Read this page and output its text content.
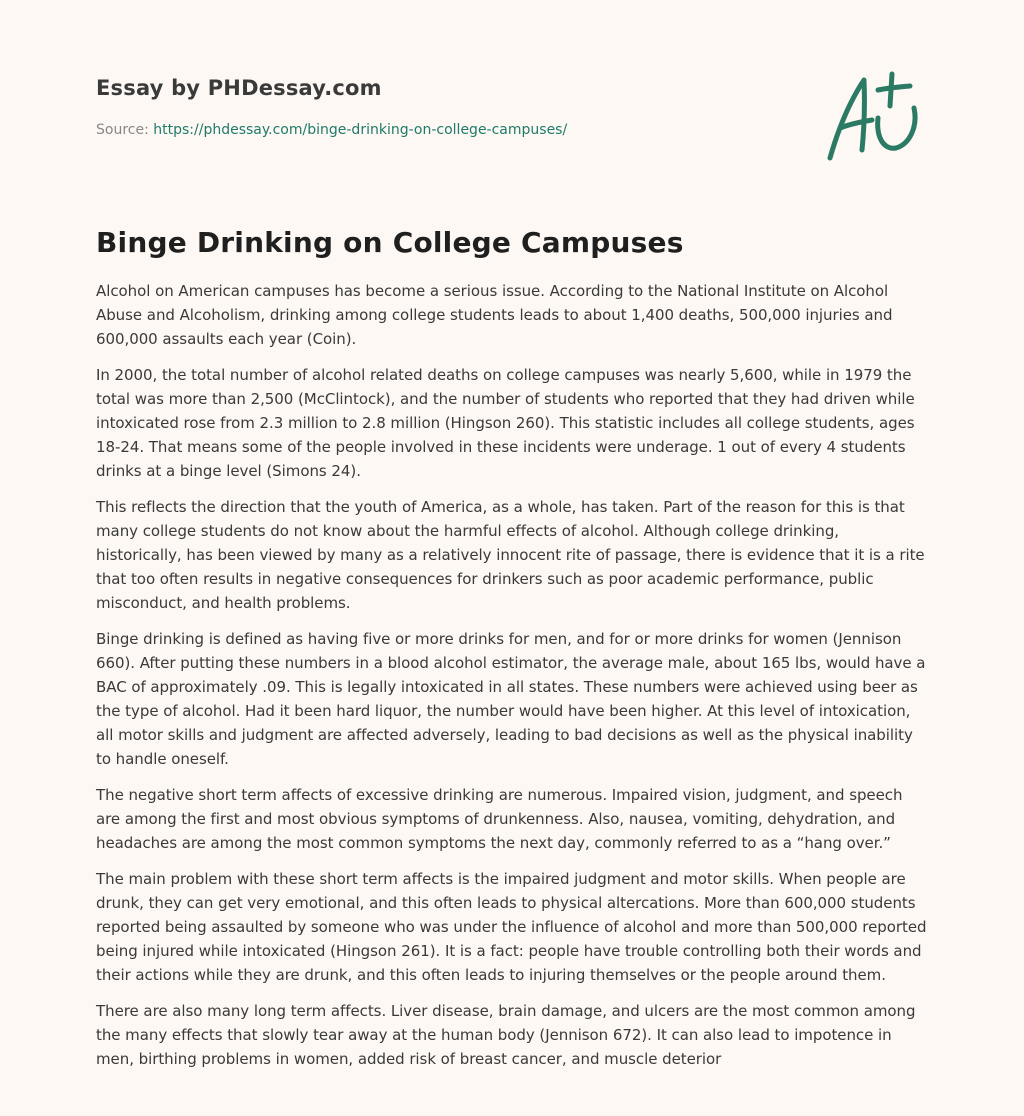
Essay by PHDessay.com
Source: https://phdessay.com/binge-drinking-on-college-campuses/
Binge Drinking on College Campuses

Alcohol on American campuses has become a serious issue. According to the National Institute on Alcohol Abuse and Alcoholism, drinking among college students leads to about 1,400 deaths, 500,000 injuries and 600,000 assaults each year (Coin).

In 2000, the total number of alcohol related deaths on college campuses was nearly 5,600, while in 1979 the total was more than 2,500 (McClintock), and the number of students who reported that they had driven while intoxicated rose from 2.3 million to 2.8 million (Hingson 260). This statistic includes all college students, ages 18-24. That means some of the people involved in these incidents were underage. 1 out of every 4 students drinks at a binge level (Simons 24).

This reflects the direction that the youth of America, as a whole, has taken. Part of the reason for this is that many college students do not know about the harmful effects of alcohol. Although college drinking, historically, has been viewed by many as a relatively innocent rite of passage, there is evidence that it is a rite that too often results in negative consequences for drinkers such as poor academic performance, public misconduct, and health problems.

Binge drinking is defined as having five or more drinks for men, and for or more drinks for women (Jennison 660). After putting these numbers in a blood alcohol estimator, the average male, about 165 lbs, would have a BAC of approximately .09. This is legally intoxicated in all states. These numbers were achieved using beer as the type of alcohol. Had it been hard liquor, the number would have been higher. At this level of intoxication, all motor skills and judgment are affected adversely, leading to bad decisions as well as the physical inability to handle oneself.

The negative short term affects of excessive drinking are numerous. Impaired vision, judgment, and speech are among the first and most obvious symptoms of drunkenness. Also, nausea, vomiting, dehydration, and headaches are among the most common symptoms the next day, commonly referred to as a “hang over.”

The main problem with these short term affects is the impaired judgment and motor skills. When people are drunk, they can get very emotional, and this often leads to physical altercations. More than 600,000 students reported being assaulted by someone who was under the influence of alcohol and more than 500,000 reported being injured while intoxicated (Hingson 261). It is a fact: people have trouble controlling both their words and their actions while they are drunk, and this often leads to injuring themselves or the people around them.

There are also many long term affects. Liver disease, brain damage, and ulcers are the most common among the many effects that slowly tear away at the human body (Jennison 672). It can also lead to impotence in men, birthing problems in women, added risk of breast cancer, and muscle deterior
